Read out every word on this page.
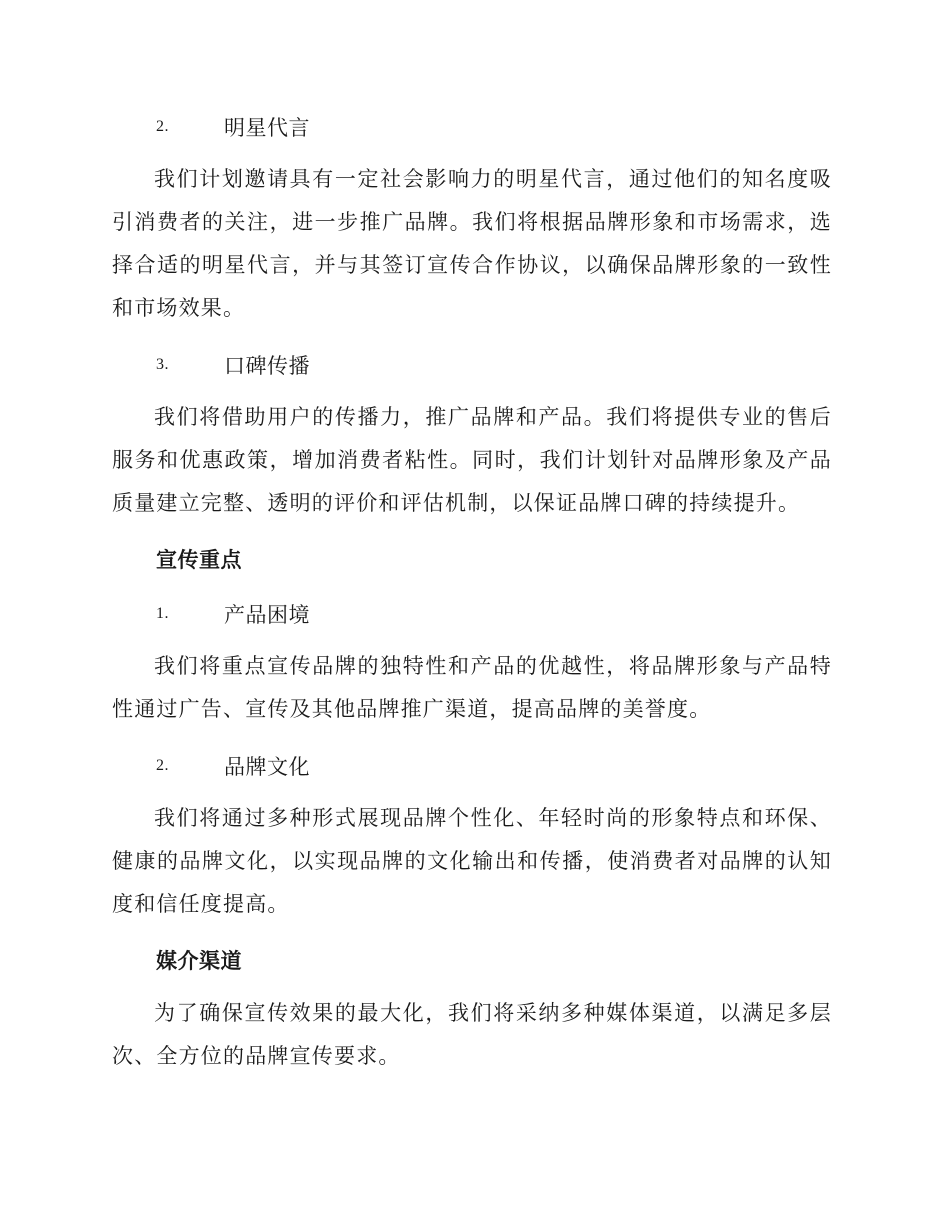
2.	明星代言

我们计划邀请具有一定社会影响力的明星代言，通过他们的知名度吸引消费者的关注，进一步推广品牌。我们将根据品牌形象和市场需求，选择合适的明星代言，并与其签订宣传合作协议，以确保品牌形象的一致性和市场效果。

3.	口碑传播

我们将借助用户的传播力，推广品牌和产品。我们将提供专业的售后服务和优惠政策，增加消费者粘性。同时，我们计划针对品牌形象及产品质量建立完整、透明的评价和评估机制，以保证品牌口碑的持续提升。

宣传重点
1.	产品困境

我们将重点宣传品牌的独特性和产品的优越性，将品牌形象与产品特性通过广告、宣传及其他品牌推广渠道，提高品牌的美誉度。

2.	品牌文化

我们将通过多种形式展现品牌个性化、年轻时尚的形象特点和环保、健康的品牌文化，以实现品牌的文化输出和传播，使消费者对品牌的认知度和信任度提高。

媒介渠道

为了确保宣传效果的最大化，我们将采纳多种媒体渠道，以满足多层次、全方位的品牌宣传要求。
